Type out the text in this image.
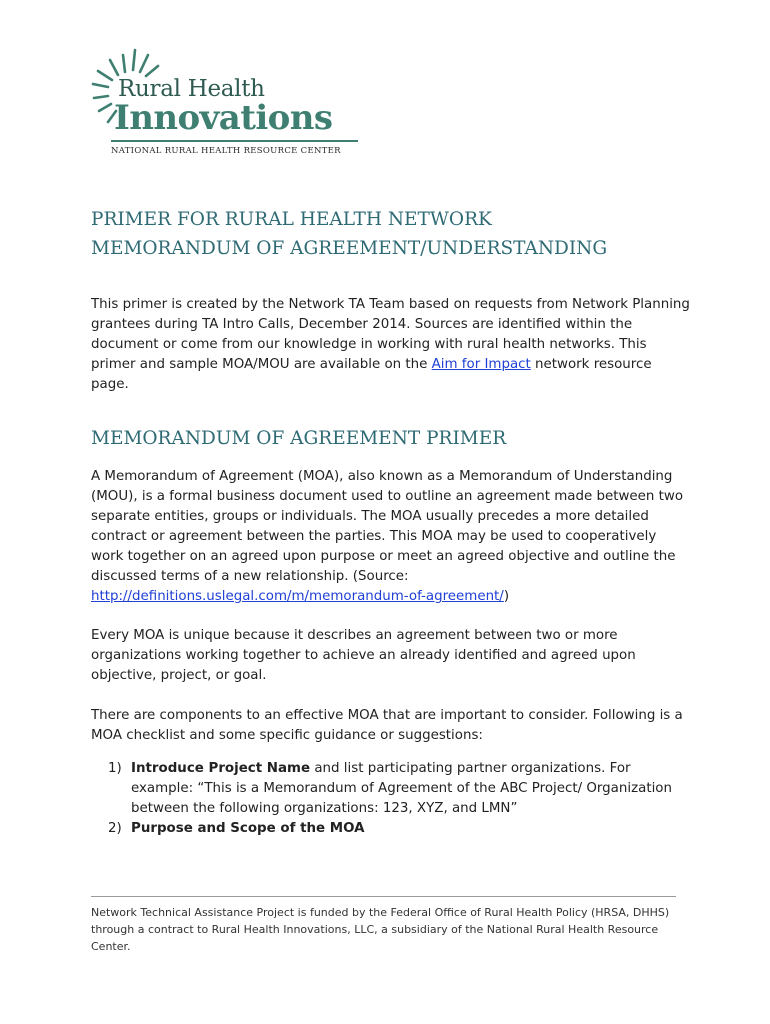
Rural Health
Innovations
NATIONAL RURAL HEALTH RESOURCE CENTER
PRIMER FOR RURAL HEALTH NETWORK
MEMORANDUM OF AGREEMENT/UNDERSTANDING

This primer is created by the Network TA Team based on requests from Network Planning grantees during TA Intro Calls, December 2014. Sources are identified within the document or come from our knowledge in working with rural health networks. This primer and sample MOA/MOU are available on the Aim for Impact network resource page.

MEMORANDUM OF AGREEMENT PRIMER

A Memorandum of Agreement (MOA), also known as a Memorandum of Understanding (MOU), is a formal business document used to outline an agreement made between two separate entities, groups or individuals. The MOA usually precedes a more detailed contract or agreement between the parties. This MOA may be used to cooperatively work together on an agreed upon purpose or meet an agreed objective and outline the discussed terms of a new relationship. (Source: http://definitions.uslegal.com/m/memorandum-of-agreement/)

Every MOA is unique because it describes an agreement between two or more organizations working together to achieve an already identified and agreed upon objective, project, or goal.

There are components to an effective MOA that are important to consider. Following is a MOA checklist and some specific guidance or suggestions:

1) Introduce Project Name and list participating partner organizations. For example: “This is a Memorandum of Agreement of the ABC Project/ Organization between the following organizations: 123, XYZ, and LMN”
2) Purpose and Scope of the MOA

Network Technical Assistance Project is funded by the Federal Office of Rural Health Policy (HRSA, DHHS) through a contract to Rural Health Innovations, LLC, a subsidiary of the National Rural Health Resource Center.
